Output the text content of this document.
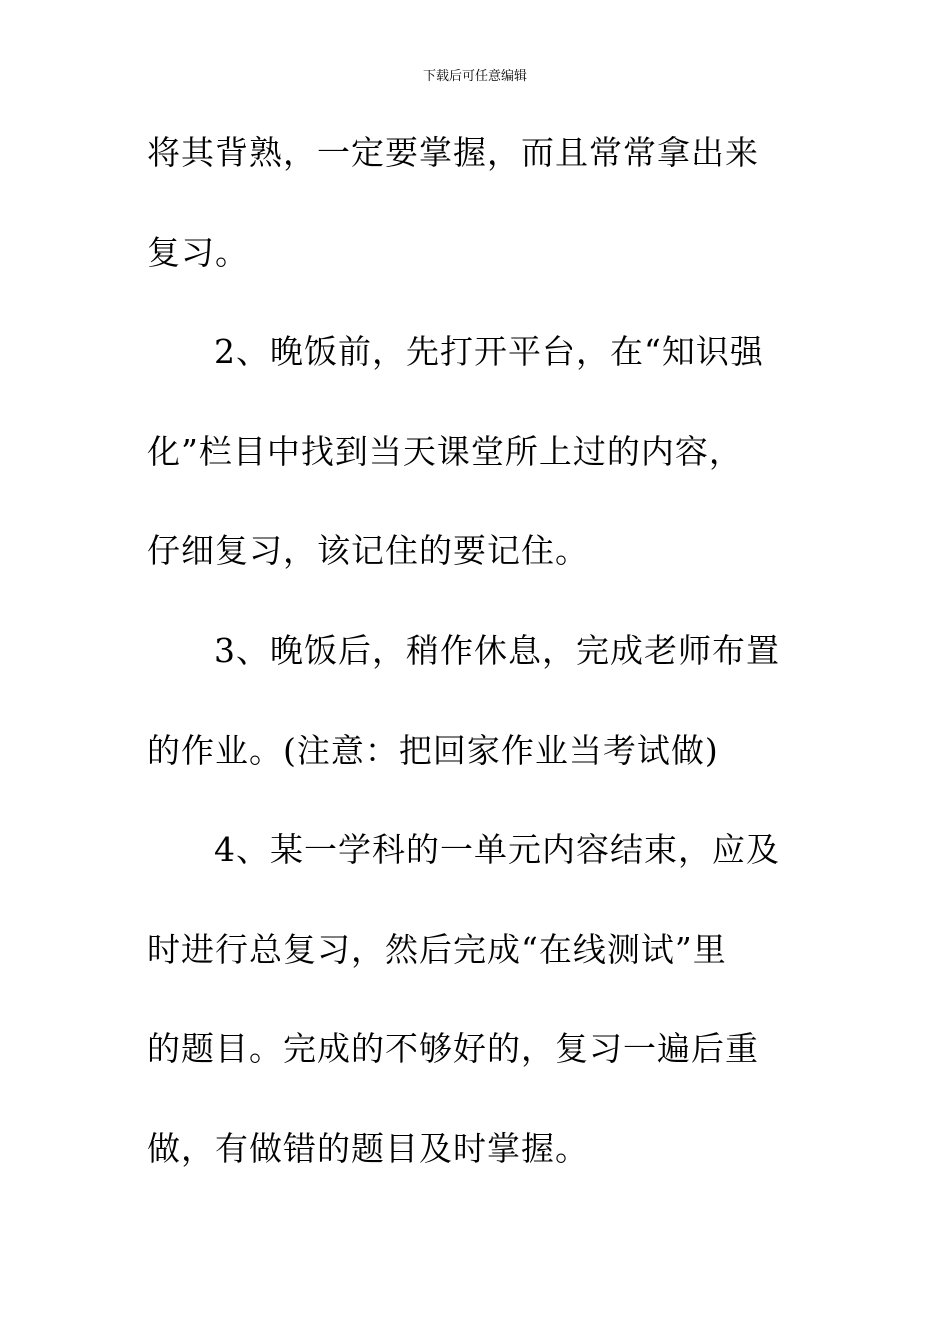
下载后可任意编辑
将其背熟，一定要掌握，而且常常拿出来
复习。
2、晚饭前，先打开平台，在“知识强
化”栏目中找到当天课堂所上过的内容，
仔细复习，该记住的要记住。
3、晚饭后，稍作休息，完成老师布置
的作业。(注意：把回家作业当考试做)
4、某一学科的一单元内容结束，应及
时进行总复习，然后完成“在线测试”里
的题目。完成的不够好的，复习一遍后重
做，有做错的题目及时掌握。
